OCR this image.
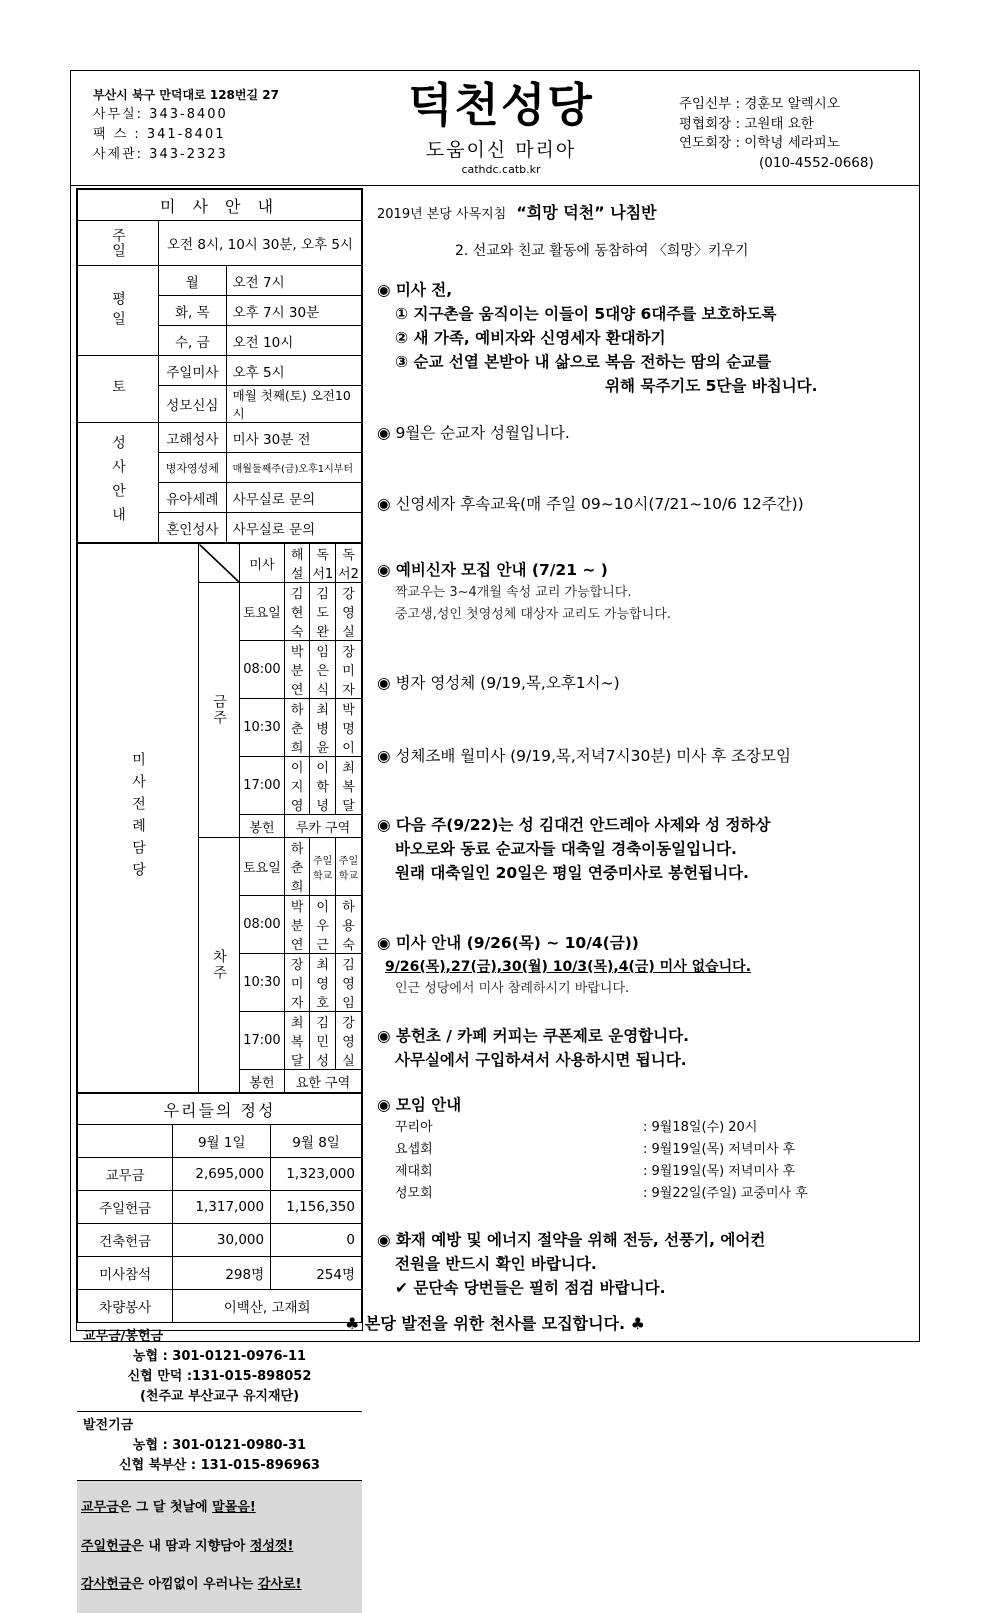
부산시 북구 만덕대로 128번길 27
사무실: 343-8400
팩 스 : 341-8401
사제관: 343-2323
덕천성당
도움이신 마리아
cathdc.catb.kr
주임신부 : 경훈모 알렉시오
평협회장 : 고원태 요한
연도회장 : 이학녕 세라피노
(010-4552-0668)
미 사 안 내		
주일	오전 8시, 10시 30분, 오후 5시	
평일	월	오전 7시
	화, 목	오후 7시 30분
	수, 금	오전 10시
토	주일미사	오후 5시
	성모신심	매월 첫째(토) 오전10시
성사안내	고해성사	미사 30분 전
	병자영성체	매월둘째주(금)오후1시부터
	유아세례	사무실로 문의
	혼인성사	사무실로 문의
미사전례담당		미사	해 설	독서1	독서2
	금주	토요일	김현숙	김도완	강영실
		08:00	박분연	임은식	장미자
		10:30	하춘희	최병윤	박명이
		17:00	이지영	이학녕	최복달
		봉헌	루카 구역		
	차주	토요일	하춘희	주일학교	주일학교
		08:00	박분연	이우근	하용숙
		10:30	장미자	최영호	김영임
		17:00	최복달	김민성	강영실
		봉헌	요한 구역		
우리들의 정성		
	9월 1일	9월 8일
교무금	2,695,000	1,323,000
주일헌금	1,317,000	1,156,350
건축헌금	30,000	0
미사참석	298명	254명
차량봉사	이백산, 고재희	
교무금/봉헌금
농협 : 301-0121-0976-11
신협 만덕 :131-015-898052
(천주교 부산교구 유지재단)
발전기금
농협 : 301-0121-0980-31
신협 북부산 : 131-015-896963
교무금은 그 달 첫날에 말몰음!
주일헌금은 내 땀과 지향담아 정성껏!
감사헌금은 아낌없이 우러나는 감사로!
2019년 본당 사목지침 “희망 덕천” 나침반
2. 선교와 친교 활동에 동참하여 〈희망〉키우기
◉ 미사 전,
① 지구촌을 움직이는 이들이 5대양 6대주를 보호하도록
② 새 가족, 예비자와 신영세자 환대하기
③ 순교 선열 본받아 내 삶으로 복음 전하는 땀의 순교를
위해 묵주기도 5단을 바칩니다.
◉ 9월은 순교자 성월입니다.
◉ 신영세자 후속교육(매 주일 09~10시(7/21~10/6 12주간))
◉ 예비신자 모집 안내 (7/21 ~ )
짝교우는 3~4개월 속성 교리 가능합니다.
중고생,성인 첫영성체 대상자 교리도 가능합니다.
◉ 병자 영성체 (9/19,목,오후1시~)
◉ 성체조배 월미사 (9/19,목,저녁7시30분) 미사 후 조장모임
◉ 다음 주(9/22)는 성 김대건 안드레아 사제와 성 정하상
바오로와 동료 순교자들 대축일 경축이동일입니다.
원래 대축일인 20일은 평일 연중미사로 봉헌됩니다.
◉ 미사 안내 (9/26(목) ~ 10/4(금))
9/26(목),27(금),30(월) 10/3(목),4(금) 미사 없습니다.
인근 성당에서 미사 참례하시기 바랍니다.
◉ 봉헌초 / 카페 커피는 쿠폰제로 운영합니다.
사무실에서 구입하셔서 사용하시면 됩니다.
◉ 모임 안내
꾸리아	: 9월18일(수) 20시
요셉회	: 9월19일(목) 저녁미사 후
제대회	: 9월19일(목) 저녁미사 후
성모회	: 9월22일(주일) 교중미사 후
◉ 화재 예방 및 에너지 절약을 위해 전등, 선풍기, 에어컨
전원을 반드시 확인 바랍니다.
✔ 문단속 당번들은 필히 점검 바랍니다.
♣ 본당 발전을 위한 천사를 모집합니다. ♣
